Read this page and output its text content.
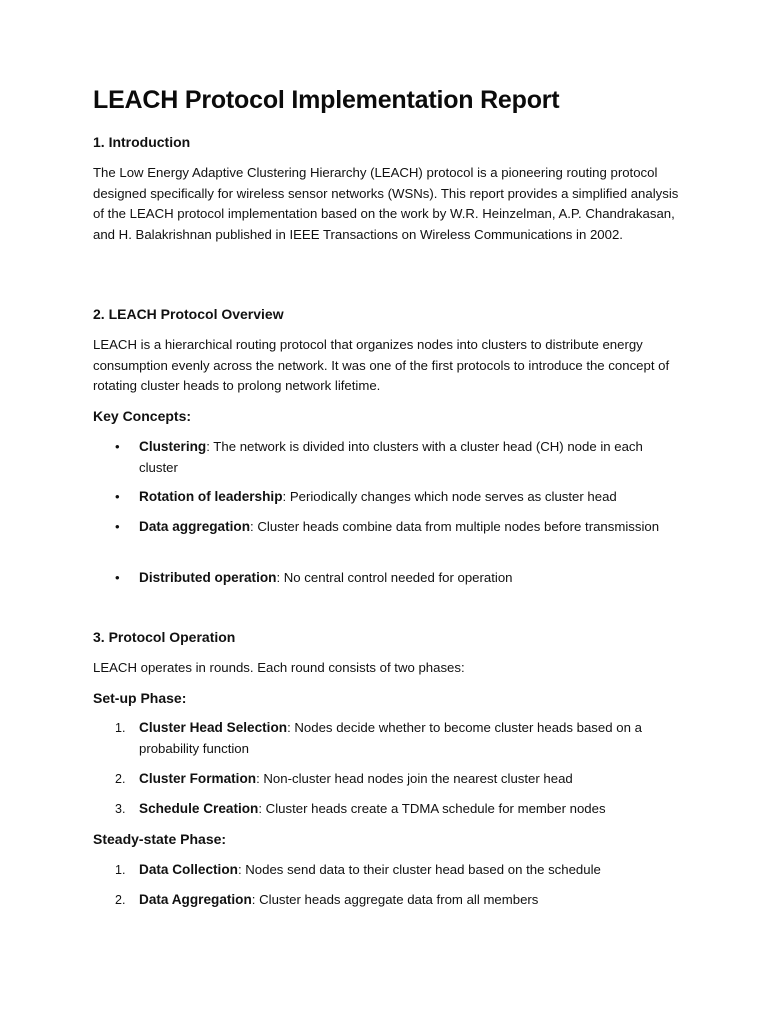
LEACH Protocol Implementation Report
1. Introduction

The Low Energy Adaptive Clustering Hierarchy (LEACH) protocol is a pioneering routing protocol designed specifically for wireless sensor networks (WSNs). This report provides a simplified analysis of the LEACH protocol implementation based on the work by W.R. Heinzelman, A.P. Chandrakasan, and H. Balakrishnan published in IEEE Transactions on Wireless Communications in 2002.

2. LEACH Protocol Overview

LEACH is a hierarchical routing protocol that organizes nodes into clusters to distribute energy consumption evenly across the network. It was one of the first protocols to introduce the concept of rotating cluster heads to prolong network lifetime.

Key Concepts:
• Clustering: The network is divided into clusters with a cluster head (CH) node in each cluster
• Rotation of leadership: Periodically changes which node serves as cluster head
• Data aggregation: Cluster heads combine data from multiple nodes before transmission
• Distributed operation: No central control needed for operation
3. Protocol Operation

LEACH operates in rounds. Each round consists of two phases:

Set-up Phase:
1. Cluster Head Selection: Nodes decide whether to become cluster heads based on a probability function
2. Cluster Formation: Non-cluster head nodes join the nearest cluster head
3. Schedule Creation: Cluster heads create a TDMA schedule for member nodes
Steady-state Phase:
1. Data Collection: Nodes send data to their cluster head based on the schedule
2. Data Aggregation: Cluster heads aggregate data from all members
